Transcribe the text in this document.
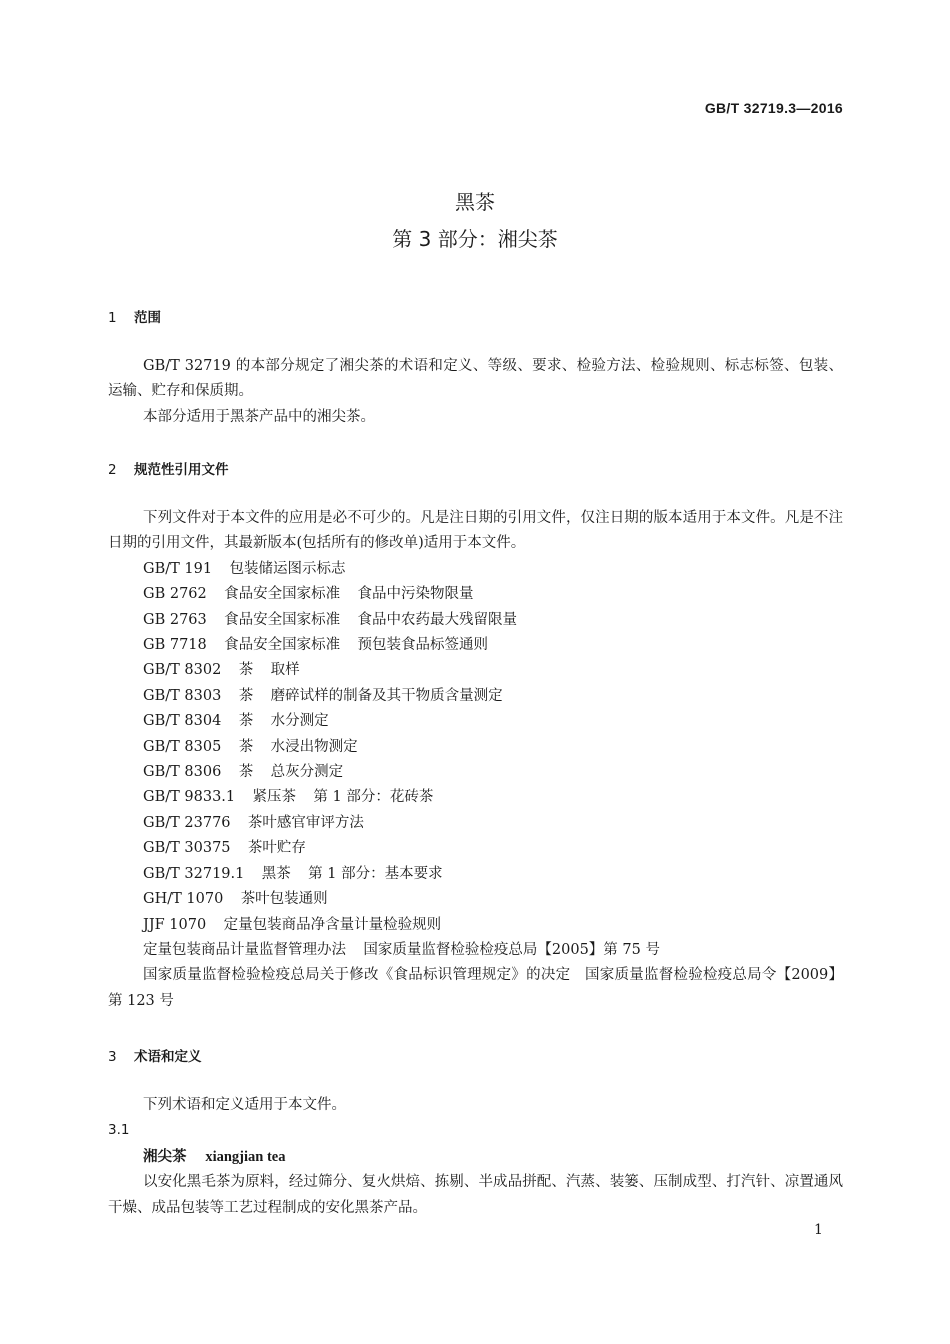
GB/T 32719.3—2016
黑茶
第 3 部分：湘尖茶
1 范围

GB/T 32719 的本部分规定了湘尖茶的术语和定义、等级、要求、检验方法、检验规则、标志标签、包装、运输、贮存和保质期。

本部分适用于黑茶产品中的湘尖茶。

2 规范性引用文件

下列文件对于本文件的应用是必不可少的。凡是注日期的引用文件，仅注日期的版本适用于本文件。凡是不注日期的引用文件，其最新版本(包括所有的修改单)适用于本文件。

GB/T 191 包装储运图示标志

GB 2762 食品安全国家标准 食品中污染物限量

GB 2763 食品安全国家标准 食品中农药最大残留限量

GB 7718 食品安全国家标准 预包装食品标签通则

GB/T 8302 茶 取样

GB/T 8303 茶 磨碎试样的制备及其干物质含量测定

GB/T 8304 茶 水分测定

GB/T 8305 茶 水浸出物测定

GB/T 8306 茶 总灰分测定

GB/T 9833.1 紧压茶 第 1 部分：花砖茶

GB/T 23776 茶叶感官审评方法

GB/T 30375 茶叶贮存

GB/T 32719.1 黑茶 第 1 部分：基本要求

GH/T 1070 茶叶包装通则

JJF 1070 定量包装商品净含量计量检验规则

定量包装商品计量监督管理办法 国家质量监督检验检疫总局【2005】第 75 号

国家质量监督检验检疫总局关于修改《食品标识管理规定》的决定　国家质量监督检验检疫总局令【2009】第 123 号

3 术语和定义

下列术语和定义适用于本文件。

3.1
湘尖茶 xiangjian tea

以安化黑毛茶为原料，经过筛分、复火烘焙、拣剔、半成品拼配、汽蒸、装篓、压制成型、打汽针、凉置通风干燥、成品包装等工艺过程制成的安化黑茶产品。

1
